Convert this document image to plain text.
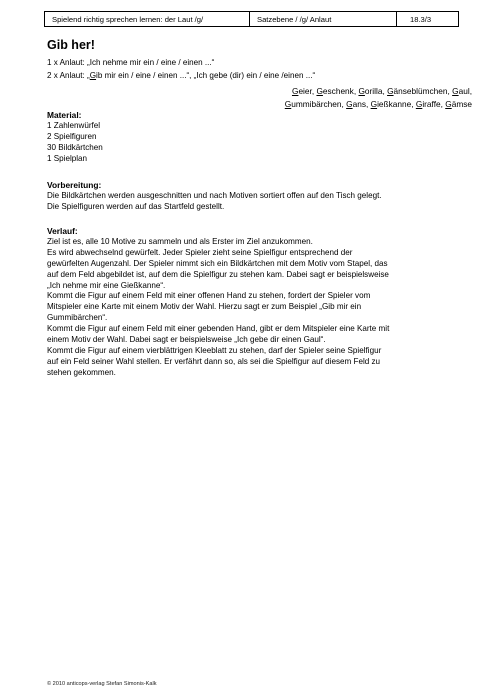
Spielend richtig sprechen lernen: der Laut /g/	Satzebene / /g/ Anlaut	18.3/3
Gib her!
1 x Anlaut: „Ich nehme mir ein / eine / einen ...“
2 x Anlaut: „Gib mir ein / eine / einen ...“, „Ich gebe (dir) ein / eine /einen ...“
Geier, Geschenk, Gorilla, Gänseblümchen, Gaul,
Gummibärchen, Gans, Gießkanne, Giraffe, Gämse
Material:
1 Zahlenwürfel
2 Spielfiguren
30 Bildkärtchen
1 Spielplan
Vorbereitung:
Die Bildkärtchen werden ausgeschnitten und nach Motiven sortiert offen auf den Tisch gelegt.
Die Spielfiguren werden auf das Startfeld gestellt.
Verlauf:
Ziel ist es, alle 10 Motive zu sammeln und als Erster im Ziel anzukommen.
Es wird abwechselnd gewürfelt. Jeder Spieler zieht seine Spielfigur entsprechend der
gewürfelten Augenzahl. Der Spieler nimmt sich ein Bildkärtchen mit dem Motiv vom Stapel, das
auf dem Feld abgebildet ist, auf dem die Spielfigur zu stehen kam. Dabei sagt er beispielsweise
„Ich nehme mir eine Gießkanne“.
Kommt die Figur auf einem Feld mit einer offenen Hand zu stehen, fordert der Spieler vom
Mitspieler eine Karte mit einem Motiv der Wahl. Hierzu sagt er zum Beispiel „Gib mir ein
Gummibärchen“.
Kommt die Figur auf einem Feld mit einer gebenden Hand, gibt er dem Mitspieler eine Karte mit
einem Motiv der Wahl. Dabei sagt er beispielsweise „Ich gebe dir einen Gaul“.
Kommt die Figur auf einem vierblättrigen Kleeblatt zu stehen, darf der Spieler seine Spielfigur
auf ein Feld seiner Wahl stellen. Er verfährt dann so, als sei die Spielfigur auf diesem Feld zu
stehen gekommen.
© 2010 anticops-verlag Stefan Simonis-Kalk
